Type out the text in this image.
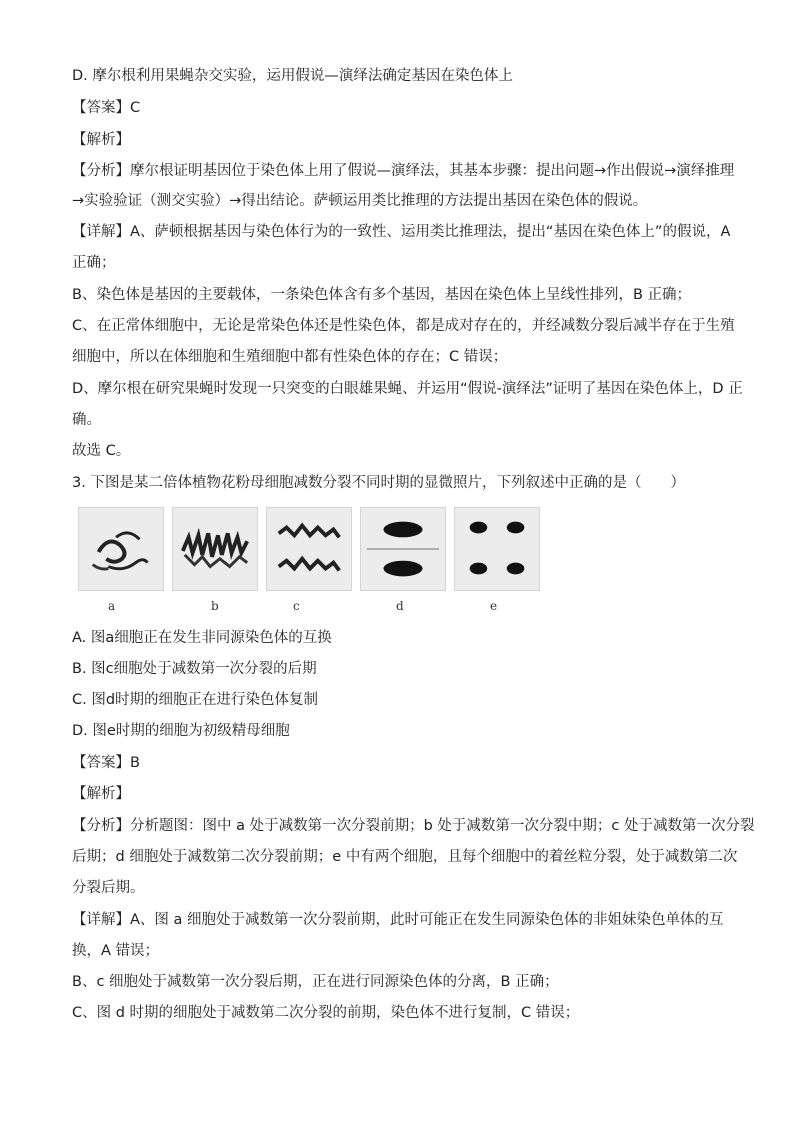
D. 摩尔根利用果蝇杂交实验，运用假说—演绎法确定基因在染色体上
【答案】C
【解析】
【分析】摩尔根证明基因位于染色体上用了假说—演绎法，其基本步骤：提出问题→作出假说→演绎推理
→实验验证（测交实验）→得出结论。萨顿运用类比推理的方法提出基因在染色体的假说。
【详解】A、萨顿根据基因与染色体行为的一致性、运用类比推理法，提出“基因在染色体上”的假说，A
正确；
B、染色体是基因的主要载体，一条染色体含有多个基因，基因在染色体上呈线性排列，B 正确；
C、在正常体细胞中，无论是常染色体还是性染色体，都是成对存在的，并经减数分裂后减半存在于生殖
细胞中，所以在体细胞和生殖细胞中都有性染色体的存在；C 错误；
D、摩尔根在研究果蝇时发现一只突变的白眼雄果蝇、并运用“假说-演绎法”证明了基因在染色体上，D 正
确。
故选 C。
3. 下图是某二倍体植物花粉母细胞减数分裂不同时期的显微照片，下列叙述中正确的是（　　）
a	b	c	d	e
A. 图a细胞正在发生非同源染色体的互换
B. 图c细胞处于减数第一次分裂的后期
C. 图d时期的细胞正在进行染色体复制
D. 图e时期的细胞为初级精母细胞
【答案】B
【解析】
【分析】分析题图：图中 a 处于减数第一次分裂前期；b 处于减数第一次分裂中期；c 处于减数第一次分裂
后期；d 细胞处于减数第二次分裂前期；e 中有两个细胞，且每个细胞中的着丝粒分裂，处于减数第二次
分裂后期。
【详解】A、图 a 细胞处于减数第一次分裂前期，此时可能正在发生同源染色体的非姐妹染色单体的互
换，A 错误；
B、c 细胞处于减数第一次分裂后期，正在进行同源染色体的分离，B 正确；
C、图 d 时期的细胞处于减数第二次分裂的前期，染色体不进行复制，C 错误；
